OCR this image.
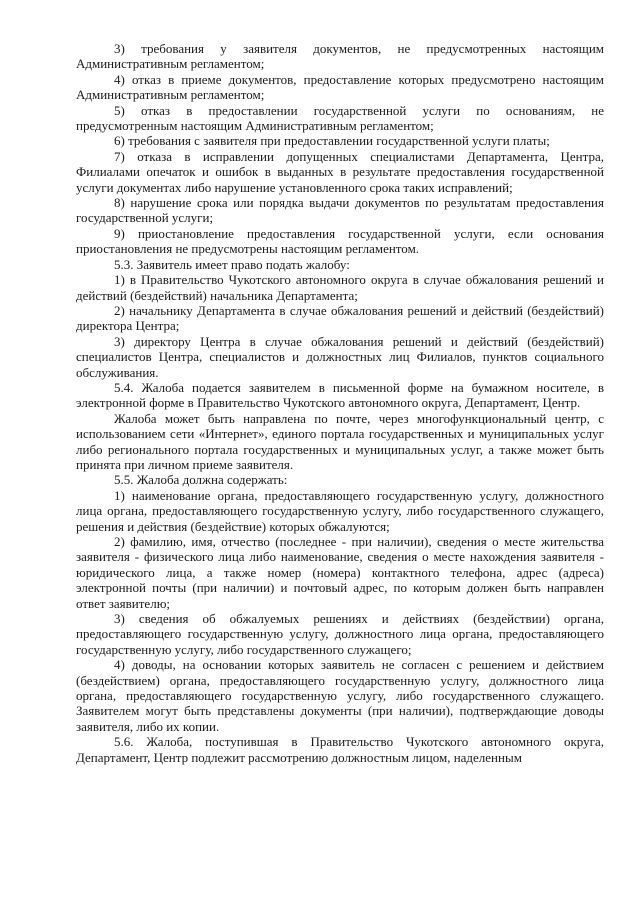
3) требования у заявителя документов, не предусмотренных настоящим Административным регламентом;

4) отказ в приеме документов, предоставление которых предусмотрено настоящим Административным регламентом;

5) отказ в предоставлении государственной услуги по основаниям, не предусмотренным настоящим Административным регламентом;

6) требования с заявителя при предоставлении государственной услуги платы;

7) отказа в исправлении допущенных специалистами Департамента, Центра, Филиалами опечаток и ошибок в выданных в результате предоставления государственной услуги документах либо нарушение установленного срока таких исправлений;

8) нарушение срока или порядка выдачи документов по результатам предоставления государственной услуги;

9) приостановление предоставления государственной услуги, если основания приостановления не предусмотрены настоящим регламентом.

5.3. Заявитель имеет право подать жалобу:

1) в Правительство Чукотского автономного округа в случае обжалования решений и действий (бездействий) начальника Департамента;

2) начальнику Департамента в случае обжалования решений и действий (бездействий) директора Центра;

3) директору Центра в случае обжалования решений и действий (бездействий) специалистов Центра, специалистов и должностных лиц Филиалов, пунктов социального обслуживания.

5.4. Жалоба подается заявителем в письменной форме на бумажном носителе, в электронной форме в Правительство Чукотского автономного округа, Департамент, Центр.

Жалоба может быть направлена по почте, через многофункциональный центр, с использованием сети «Интернет», единого портала государственных и муниципальных услуг либо регионального портала государственных и муниципальных услуг, а также может быть принята при личном приеме заявителя.

5.5. Жалоба должна содержать:

1) наименование органа, предоставляющего государственную услугу, должностного лица органа, предоставляющего государственную услугу, либо государственного служащего, решения и действия (бездействие) которых обжалуются;

2) фамилию, имя, отчество (последнее - при наличии), сведения о месте жительства заявителя - физического лица либо наименование, сведения о месте нахождения заявителя - юридического лица, а также номер (номера) контактного телефона, адрес (адреса) электронной почты (при наличии) и почтовый адрес, по которым должен быть направлен ответ заявителю;

3) сведения об обжалуемых решениях и действиях (бездействии) органа, предоставляющего государственную услугу, должностного лица органа, предоставляющего государственную услугу, либо государственного служащего;

4) доводы, на основании которых заявитель не согласен с решением и действием (бездействием) органа, предоставляющего государственную услугу, должностного лица органа, предоставляющего государственную услугу, либо государственного служащего. Заявителем могут быть представлены документы (при наличии), подтверждающие доводы заявителя, либо их копии.

5.6. Жалоба, поступившая в Правительство Чукотского автономного округа, Департамент, Центр подлежит рассмотрению должностным лицом, наделенным
